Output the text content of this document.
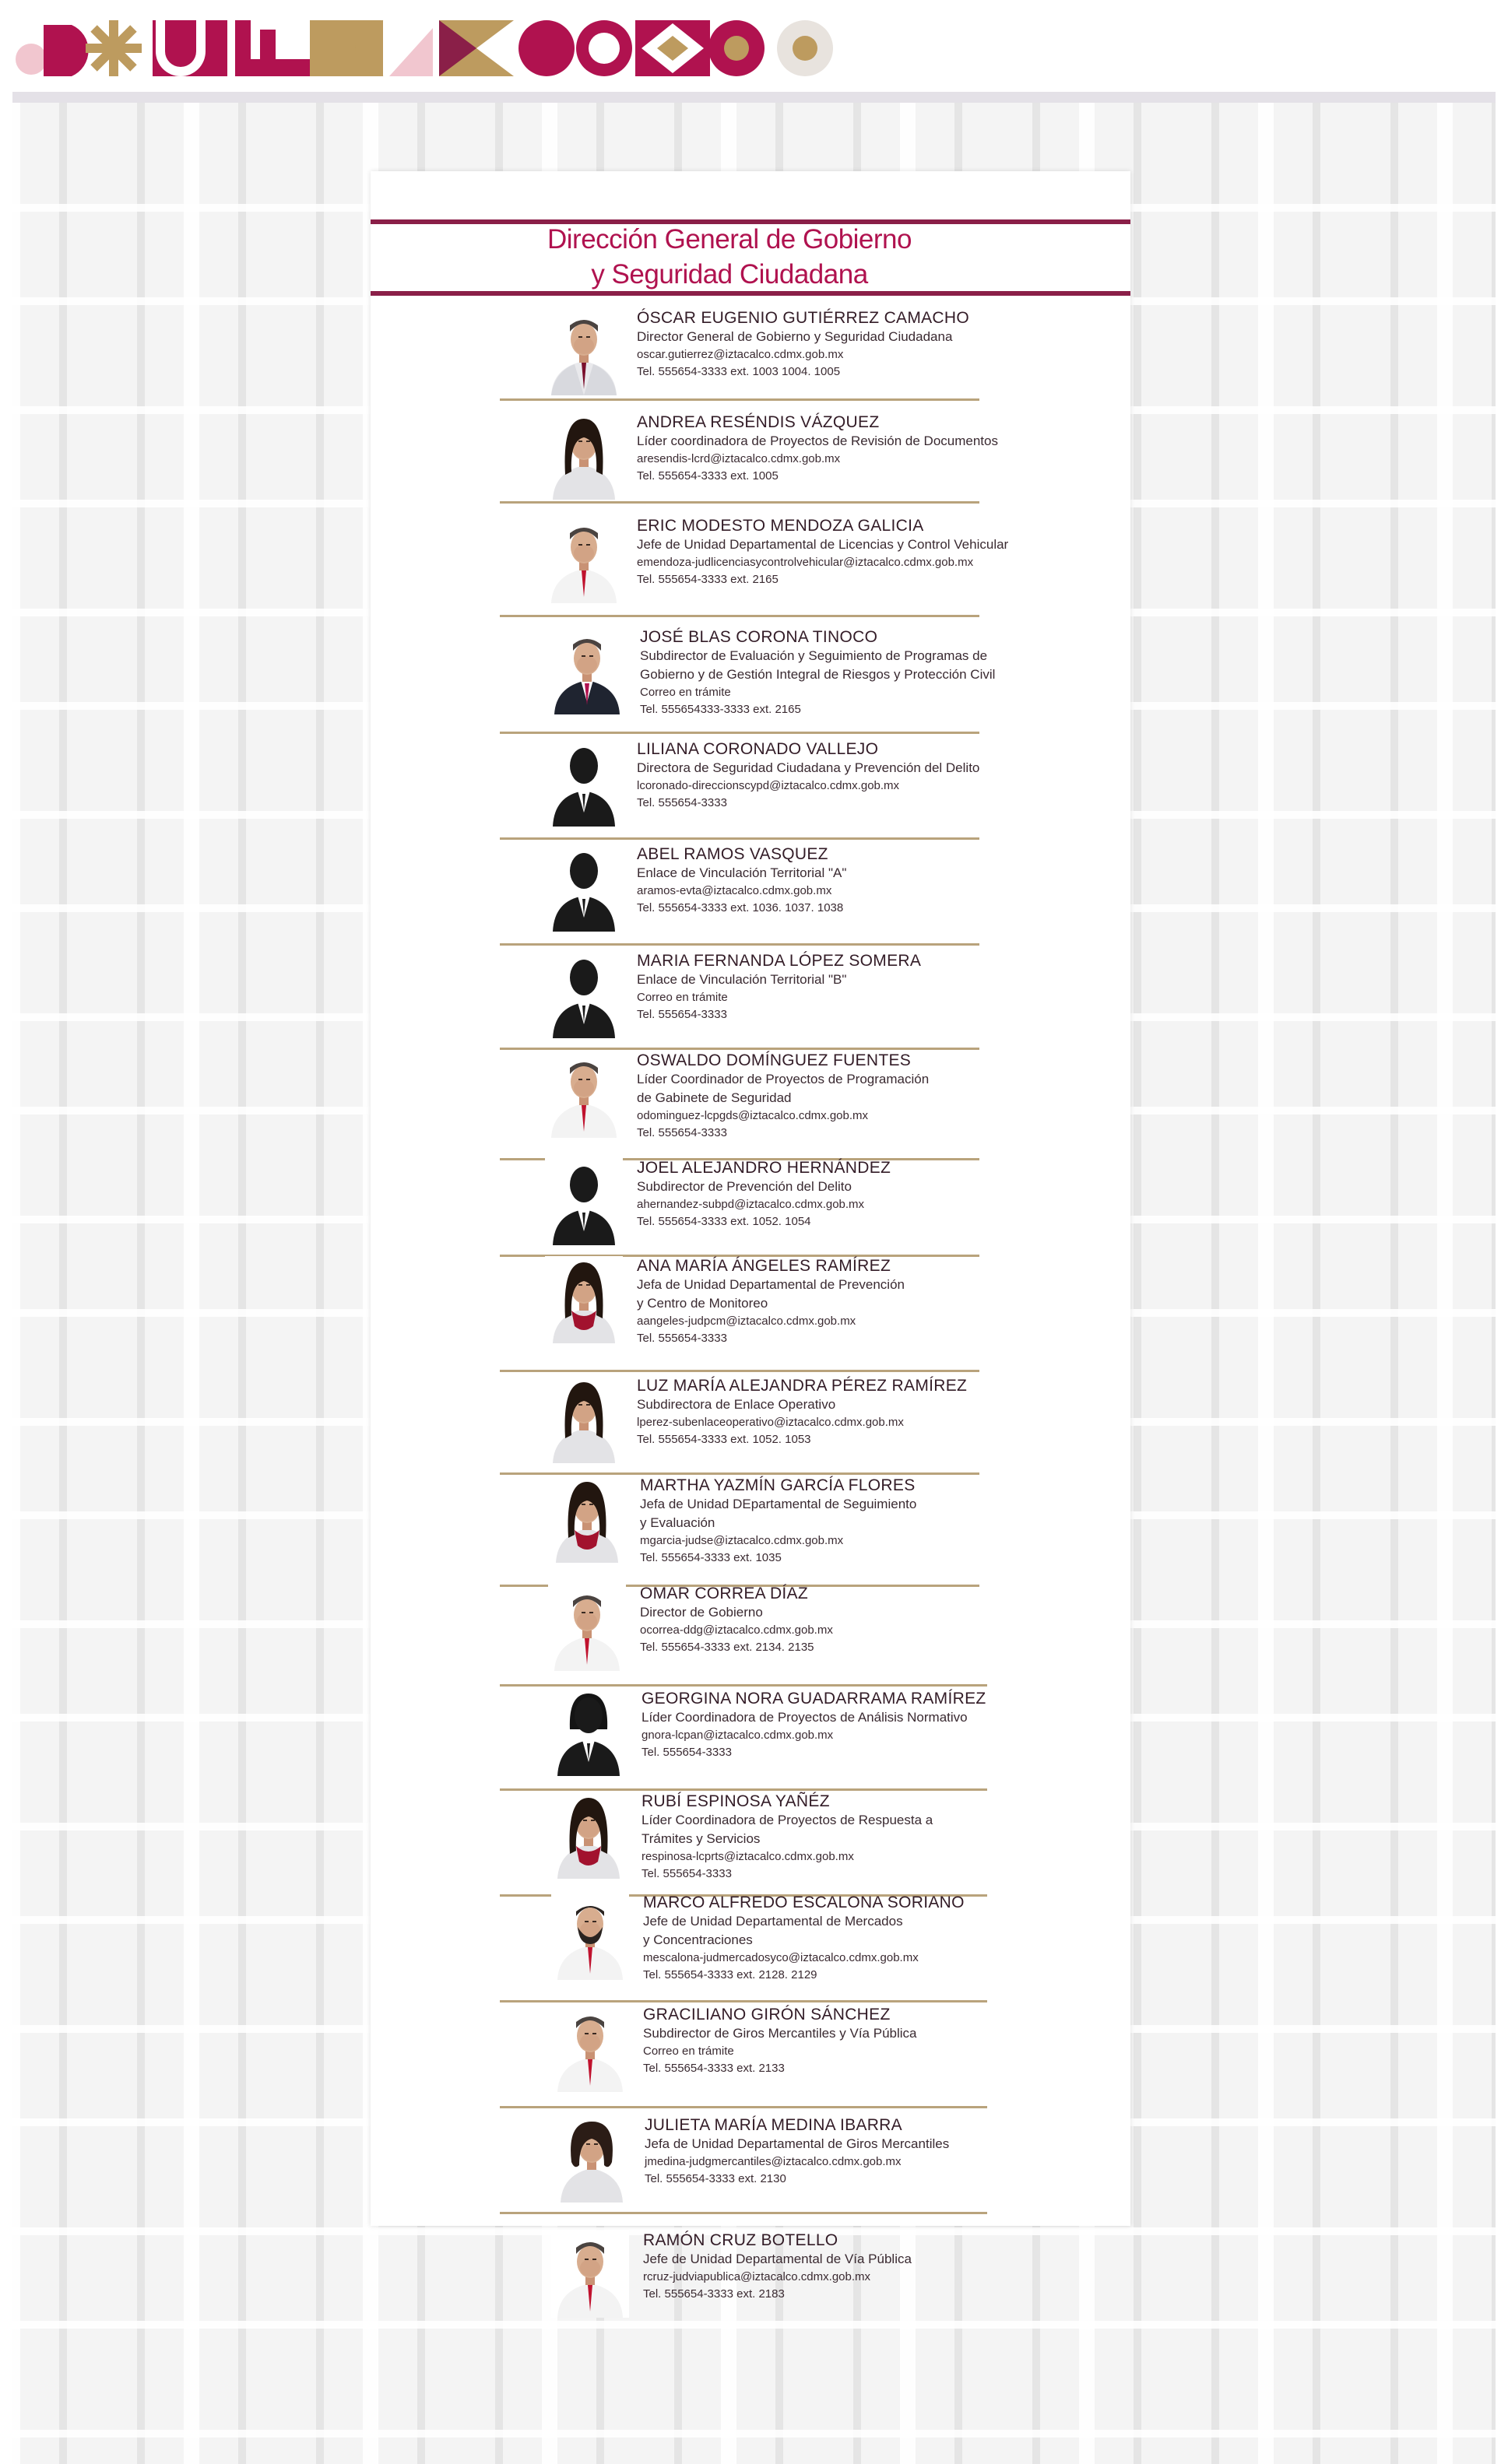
Dirección General de Gobierno
y Seguridad Ciudadana
ÓSCAR EUGENIO GUTIÉRREZ CAMACHO
Director General de Gobierno y Seguridad Ciudadana
oscar.gutierrez@iztacalco.cdmx.gob.mx
Tel. 555654-3333 ext. 1003 1004. 1005
ANDREA RESÉNDIS VÁZQUEZ
Líder coordinadora de Proyectos de Revisión de Documentos
aresendis-lcrd@iztacalco.cdmx.gob.mx
Tel. 555654-3333 ext. 1005
ERIC MODESTO MENDOZA GALICIA
Jefe de Unidad Departamental de Licencias y Control Vehicular
emendoza-judlicenciasycontrolvehicular@iztacalco.cdmx.gob.mx
Tel. 555654-3333 ext. 2165
JOSÉ BLAS CORONA TINOCO
Subdirector de Evaluación y Seguimiento de Programas de
Gobierno y de Gestión Integral de Riesgos y Protección Civil
Correo en trámite
Tel. 555654333-3333 ext. 2165
LILIANA CORONADO VALLEJO
Directora de Seguridad Ciudadana y Prevención del Delito
lcoronado-direccionscypd@iztacalco.cdmx.gob.mx
Tel. 555654-3333
ABEL RAMOS VASQUEZ
Enlace de Vinculación Territorial "A"
aramos-evta@iztacalco.cdmx.gob.mx
Tel. 555654-3333 ext. 1036. 1037. 1038
MARIA FERNANDA LÓPEZ SOMERA
Enlace de Vinculación Territorial "B"
Correo en trámite
Tel. 555654-3333
OSWALDO DOMÍNGUEZ FUENTES
Líder Coordinador de Proyectos de Programación
de Gabinete de Seguridad
odominguez-lcpgds@iztacalco.cdmx.gob.mx
Tel. 555654-3333
JOEL ALEJANDRO HERNÁNDEZ
Subdirector de Prevención del Delito
ahernandez-subpd@iztacalco.cdmx.gob.mx
Tel. 555654-3333 ext. 1052. 1054
ANA MARÍA ÁNGELES RAMÍREZ
Jefa de Unidad Departamental de Prevención
y Centro de Monitoreo
aangeles-judpcm@iztacalco.cdmx.gob.mx
Tel. 555654-3333
LUZ MARÍA ALEJANDRA PÉREZ RAMÍREZ
Subdirectora de Enlace Operativo
lperez-subenlaceoperativo@iztacalco.cdmx.gob.mx
Tel. 555654-3333 ext. 1052. 1053
MARTHA YAZMÍN GARCÍA FLORES
Jefa de Unidad DEpartamental de Seguimiento
y Evaluación
mgarcia-judse@iztacalco.cdmx.gob.mx
Tel. 555654-3333 ext. 1035
OMAR CORREA DÍAZ
Director de Gobierno
ocorrea-ddg@iztacalco.cdmx.gob.mx
Tel. 555654-3333 ext. 2134. 2135
GEORGINA NORA GUADARRAMA RAMÍREZ
Líder Coordinadora de Proyectos de Análisis Normativo
gnora-lcpan@iztacalco.cdmx.gob.mx
Tel. 555654-3333
RUBÍ ESPINOSA YAÑÉZ
Líder Coordinadora de Proyectos de Respuesta a
Trámites y Servicios
respinosa-lcprts@iztacalco.cdmx.gob.mx
Tel. 555654-3333
MARCO ALFREDO ESCALONA SORIANO
Jefe de Unidad Departamental de Mercados
y Concentraciones
mescalona-judmercadosyco@iztacalco.cdmx.gob.mx
Tel. 555654-3333 ext. 2128. 2129
GRACILIANO GIRÓN SÁNCHEZ
Subdirector de Giros Mercantiles y Vía Pública
Correo en trámite
Tel. 555654-3333 ext. 2133
JULIETA MARÍA MEDINA IBARRA
Jefa de Unidad Departamental de Giros Mercantiles
jmedina-judgmercantiles@iztacalco.cdmx.gob.mx
Tel. 555654-3333 ext. 2130
RAMÓN CRUZ BOTELLO
Jefe de Unidad Departamental de Vía Pública
rcruz-judviapublica@iztacalco.cdmx.gob.mx
Tel. 555654-3333 ext. 2183
